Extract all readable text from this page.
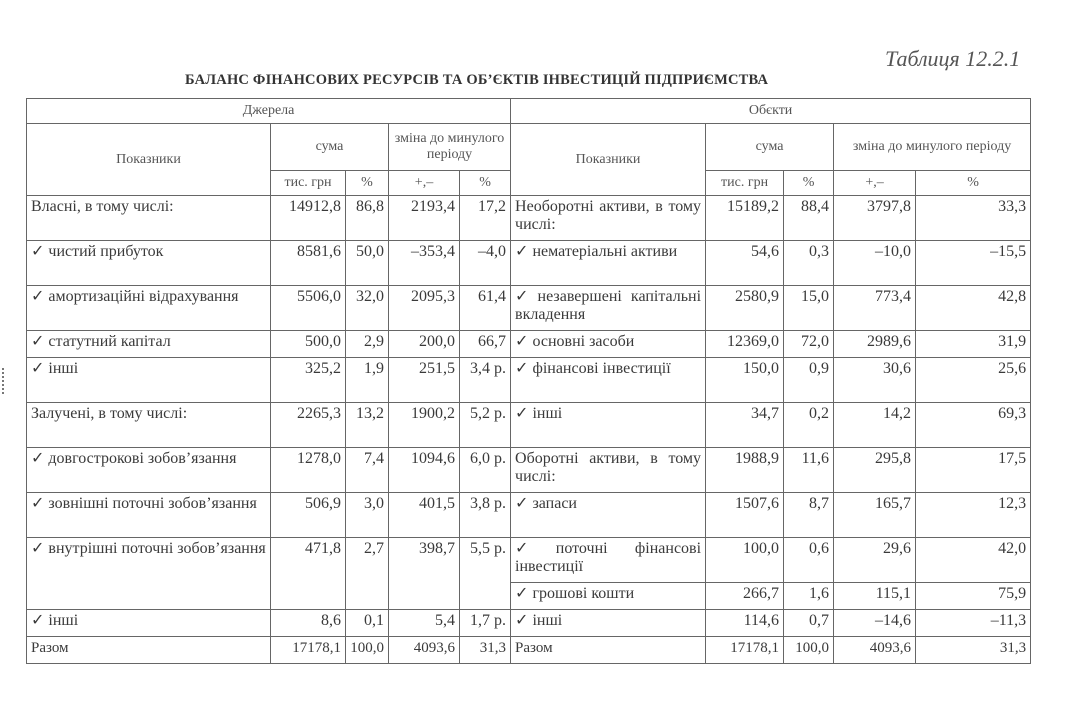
Таблиця 12.2.1
БАЛАНС ФІНАНСОВИХ РЕСУРСІВ ТА ОБ’ЄКТІВ ІНВЕСТИЦІЙ ПІДПРИЄМСТВА
Джерела					Обєкти				
Показники	сума		зміна до минулого періоду		Показники	сума		зміна до минулого періоду	
	тис. грн	%	+,–	%		тис. грн	%	+,–	%
Власні, в тому числі:	14912,8	86,8	2193,4	17,2	Необоротні активи, в тому числі:	15189,2	88,4	3797,8	33,3
✓ чистий прибуток	8581,6	50,0	–353,4	–4,0	✓ нематеріальні активи	54,6	0,3	–10,0	–15,5
✓ амортизаційні відрахування	5506,0	32,0	2095,3	61,4	✓ незавершені капітальні вкладення	2580,9	15,0	773,4	42,8
✓ статутний капітал	500,0	2,9	200,0	66,7	✓ основні засоби	12369,0	72,0	2989,6	31,9
✓ інші	325,2	1,9	251,5	3,4 р.	✓ фінансові інвестиції	150,0	0,9	30,6	25,6
Залучені, в тому числі:	2265,3	13,2	1900,2	5,2 р.	✓ інші	34,7	0,2	14,2	69,3
✓ довгострокові зобов’язання	1278,0	7,4	1094,6	6,0 р.	Оборотні активи, в тому числі:	1988,9	11,6	295,8	17,5
✓ зовнішні поточні зобов’язання	506,9	3,0	401,5	3,8 р.	✓ запаси	1507,6	8,7	165,7	12,3
✓ внутрішні поточні зобов’язання	471,8	2,7	398,7	5,5 р.	✓ поточні фінансові інвестиції	100,0	0,6	29,6	42,0
					✓ грошові кошти	266,7	1,6	115,1	75,9
✓ інші	8,6	0,1	5,4	1,7 р.	✓ інші	114,6	0,7	–14,6	–11,3
Разом	17178,1	100,0	4093,6	31,3	Разом	17178,1	100,0	4093,6	31,3
